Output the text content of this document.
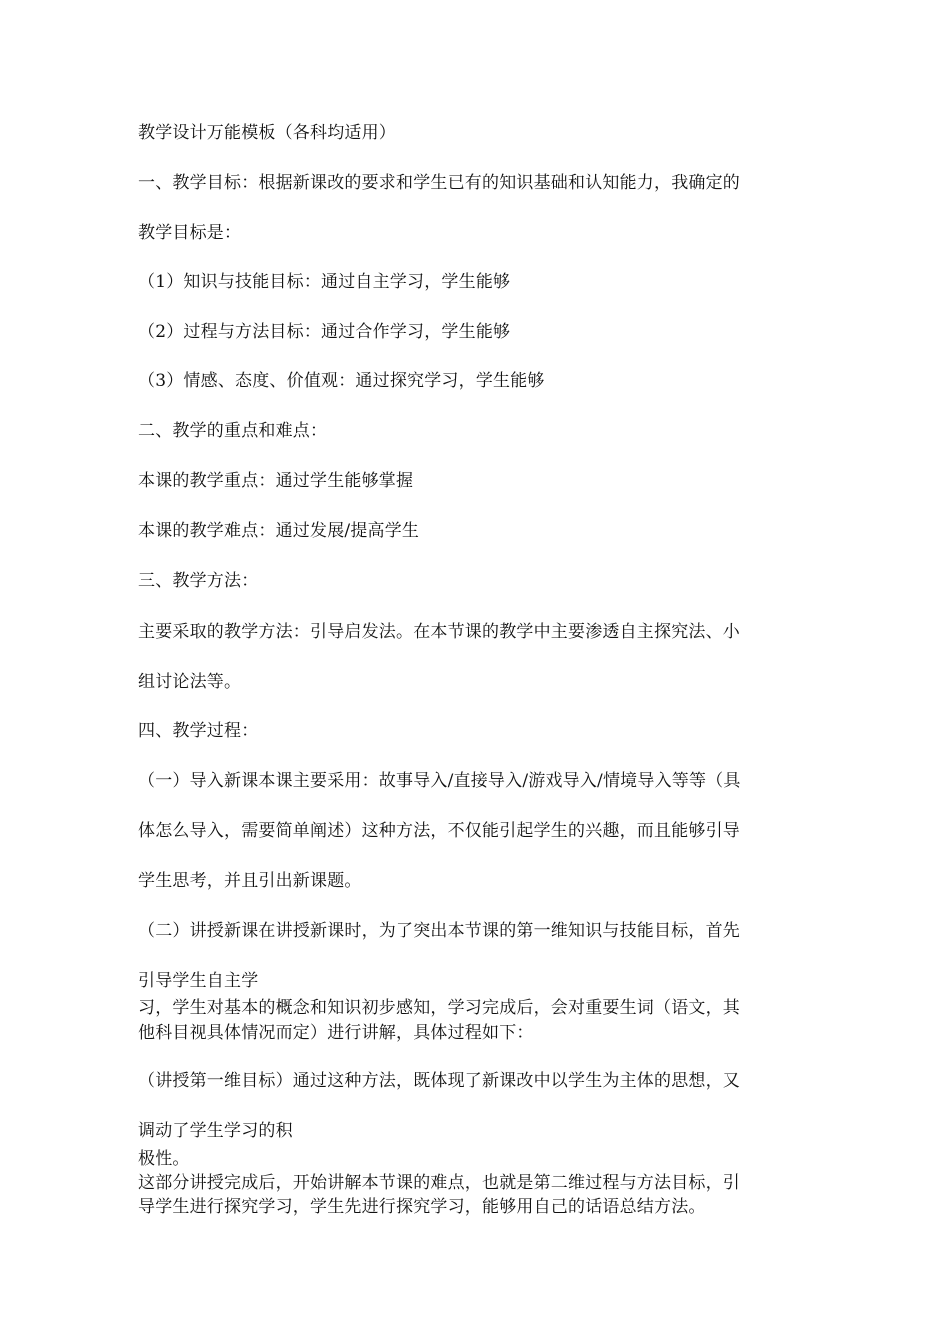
教学设计万能模板（各科均适用）
一、教学目标：根据新课改的要求和学生已有的知识基础和认知能力，我确定的
教学目标是：
（1）知识与技能目标：通过自主学习，学生能够
（2）过程与方法目标：通过合作学习，学生能够
（3）情感、态度、价值观：通过探究学习，学生能够
二、教学的重点和难点：
本课的教学重点：通过学生能够掌握
本课的教学难点：通过发展/提高学生
三、教学方法：
主要采取的教学方法：引导启发法。在本节课的教学中主要渗透自主探究法、小
组讨论法等。
四、教学过程：
（一）导入新课本课主要采用：故事导入/直接导入/游戏导入/情境导入等等（具
体怎么导入，需要简单阐述）这种方法，不仅能引起学生的兴趣，而且能够引导
学生思考，并且引出新课题。
（二）讲授新课在讲授新课时，为了突出本节课的第一维知识与技能目标，首先
引导学生自主学
习，学生对基本的概念和知识初步感知，学习完成后，会对重要生词（语文，其
他科目视具体情况而定）进行讲解，具体过程如下：
（讲授第一维目标）通过这种方法，既体现了新课改中以学生为主体的思想，又
调动了学生学习的积
极性。
这部分讲授完成后，开始讲解本节课的难点，也就是第二维过程与方法目标，引
导学生进行探究学习，学生先进行探究学习，能够用自己的话语总结方法。
